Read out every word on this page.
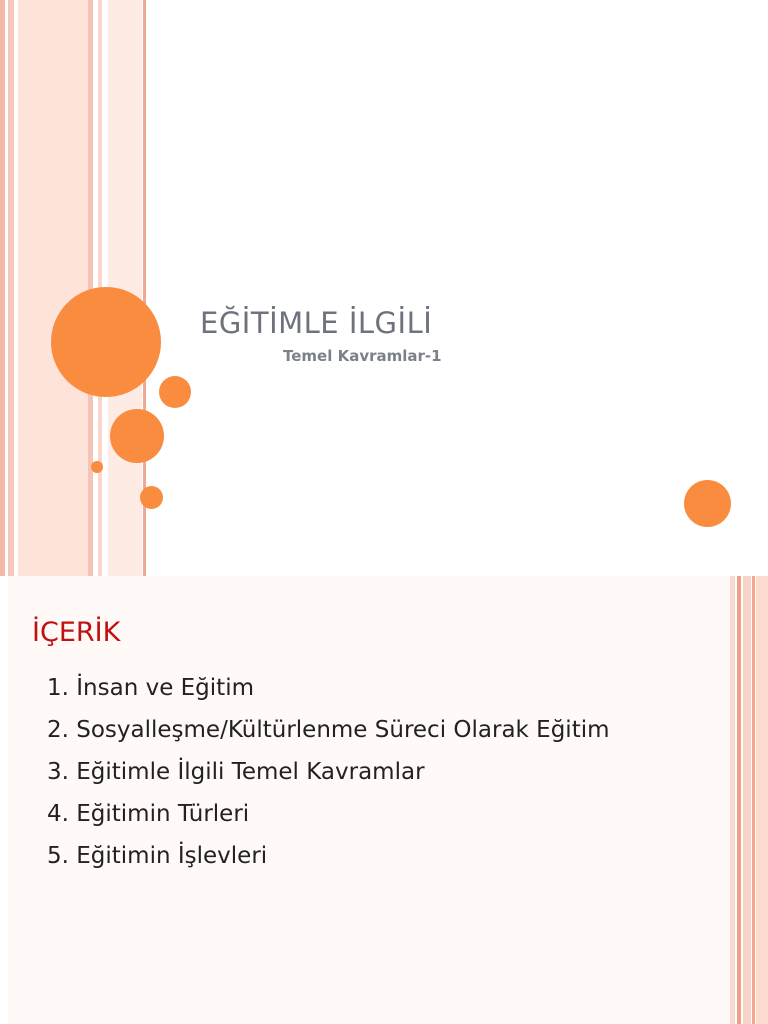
EĞİTİMLE İLGİLİ

Temel Kavramlar-1

İÇERİK
1. İnsan ve Eğitim
2. Sosyalleşme/Kültürlenme Süreci Olarak Eğitim
3. Eğitimle İlgili Temel Kavramlar
4. Eğitimin Türleri
5. Eğitimin İşlevleri
